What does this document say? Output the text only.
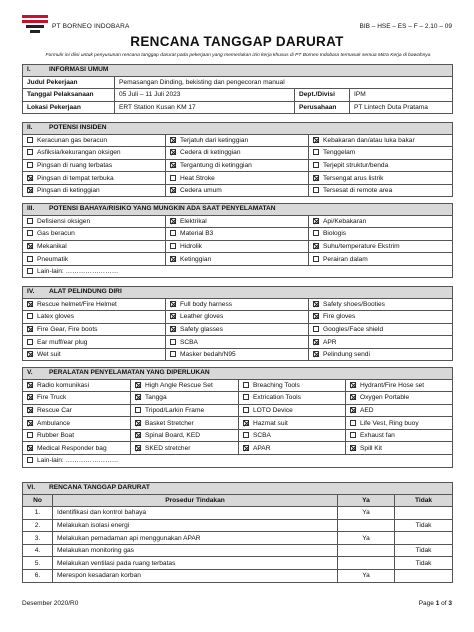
PT BORNEO INDOBARA	BIB – HSE – ES – F – 2.10 – 09
RENCANA TANGGAP DARURAT
Formulir ini diisi untuk penyusunan rencana tanggap darurat pada pekerjaan yang memerlukan izin kerja khusus di PT Borneo Indobara termasuk semua Mitra Kerja di bawahnya
I. INFORMASI UMUM			
Judul Pekerjaan	Pemasangan Dinding, bekisting dan pengecoran manual		
Tanggal Pelaksanaan	05 Juli – 11 Juli 2023	Dept./Divisi	IPM
Lokasi Pekerjaan	ERT Station Kusan KM 17	Perusahaan	PT Lintech Duta Pratama
II. POTENSI INSIDEN		
Keracunan gas beracun	Terjatuh dari ketinggian	Kebakaran dan/atau luka bakar
Asfiksia/kekurangan oksigen	Cedera di ketinggian	Tenggelam
Pingsan di ruang terbatas	Tergantung di ketinggian	Terjepit struktur/benda
Pingsan di tempat terbuka	Heat Stroke	Tersengat arus listrik
Pingsan di ketinggian	Cedera umum	Tersesat di remote area
III. POTENSI BAHAYA/RISIKO YANG MUNGKIN ADA SAAT PENYELAMATAN		
Defisiensi oksigen	Elektrikal	Api/Kebakaran
Gas beracun	Material B3	Biologis
Mekanikal	Hidrolik	Suhu/temperature Ekstrim
Pneumatik	Ketinggian	Perairan dalam
Lain-lain: ……………………		
IV. ALAT PELINDUNG DIRI		
Rescue helmet/Fire Helmet	Full body harness	Safety shoes/Booties
Latex gloves	Leather gloves	Fire gloves
Fire Gear, Fire boots	Safety glasses	Googles/Face shield
Ear muff/ear plug	SCBA	APR
Wet suit	Masker bedah/N95	Pelindung sendi
V. PERALATAN PENYELAMATAN YANG DIPERLUKAN			
Radio komunikasi	High Angle Rescue Set	Breaching Tools	Hydrant/Fire Hose set
Fire Truck	Tangga	Extrication Tools	Oxygen Portable
Rescue Car	Tripod/Larkin Frame	LOTO Device	AED
Ambulance	Basket Stretcher	Hazmat suit	Life Vest, Ring buoy
Rubber Boat	Spinal Board, KED	SCBA	Exhaust fan
Medical Responder bag	SKED stretcher	APAR	Spill Kit
Lain-lain: ……………………			
VI. RENCANA TANGGAP DARURAT			
No	Prosedur Tindakan	Ya	Tidak
1.	Identifikasi dan kontrol bahaya	Ya	
2.	Melakukan isolasi energi		Tidak
3.	Melakukan pemadaman api menggunakan APAR	Ya	
4.	Melakukan monitoring gas		Tidak
5.	Melakukan ventilasi pada ruang terbatas		Tidak
6.	Merespon kesadaran korban	Ya	
Desember 2020/R0	Page 1 of 3
